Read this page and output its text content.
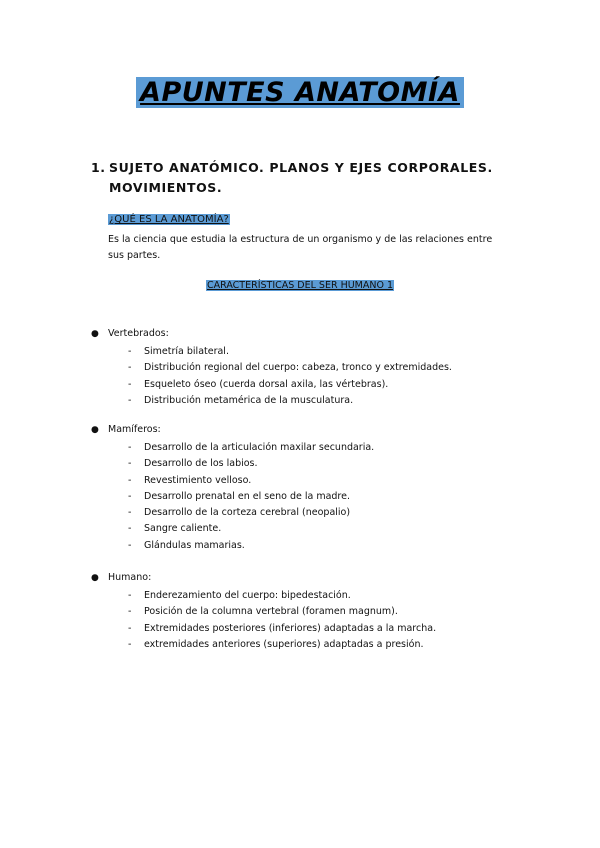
APUNTES ANATOMÍA
1. SUJETO ANATÓMICO. PLANOS Y EJES CORPORALES. MOVIMIENTOS.
¿QUÉ ES LA ANATOMÍA?
Es la ciencia que estudia la estructura de un organismo y de las relaciones entre sus partes.
CARACTERÍSTICAS DEL SER HUMANO 1
● Vertebrados:
- Simetría bilateral.
- Distribución regional del cuerpo: cabeza, tronco y extremidades.
- Esqueleto óseo (cuerda dorsal axila, las vértebras).
- Distribución metamérica de la musculatura.
● Mamíferos:
- Desarrollo de la articulación maxilar secundaria.
- Desarrollo de los labios.
- Revestimiento velloso.
- Desarrollo prenatal en el seno de la madre.
- Desarrollo de la corteza cerebral (neopalio)
- Sangre caliente.
- Glándulas mamarias.
● Humano:
- Enderezamiento del cuerpo: bipedestación.
- Posición de la columna vertebral (foramen magnum).
- Extremidades posteriores (inferiores) adaptadas a la marcha.
- extremidades anteriores (superiores) adaptadas a presión.
